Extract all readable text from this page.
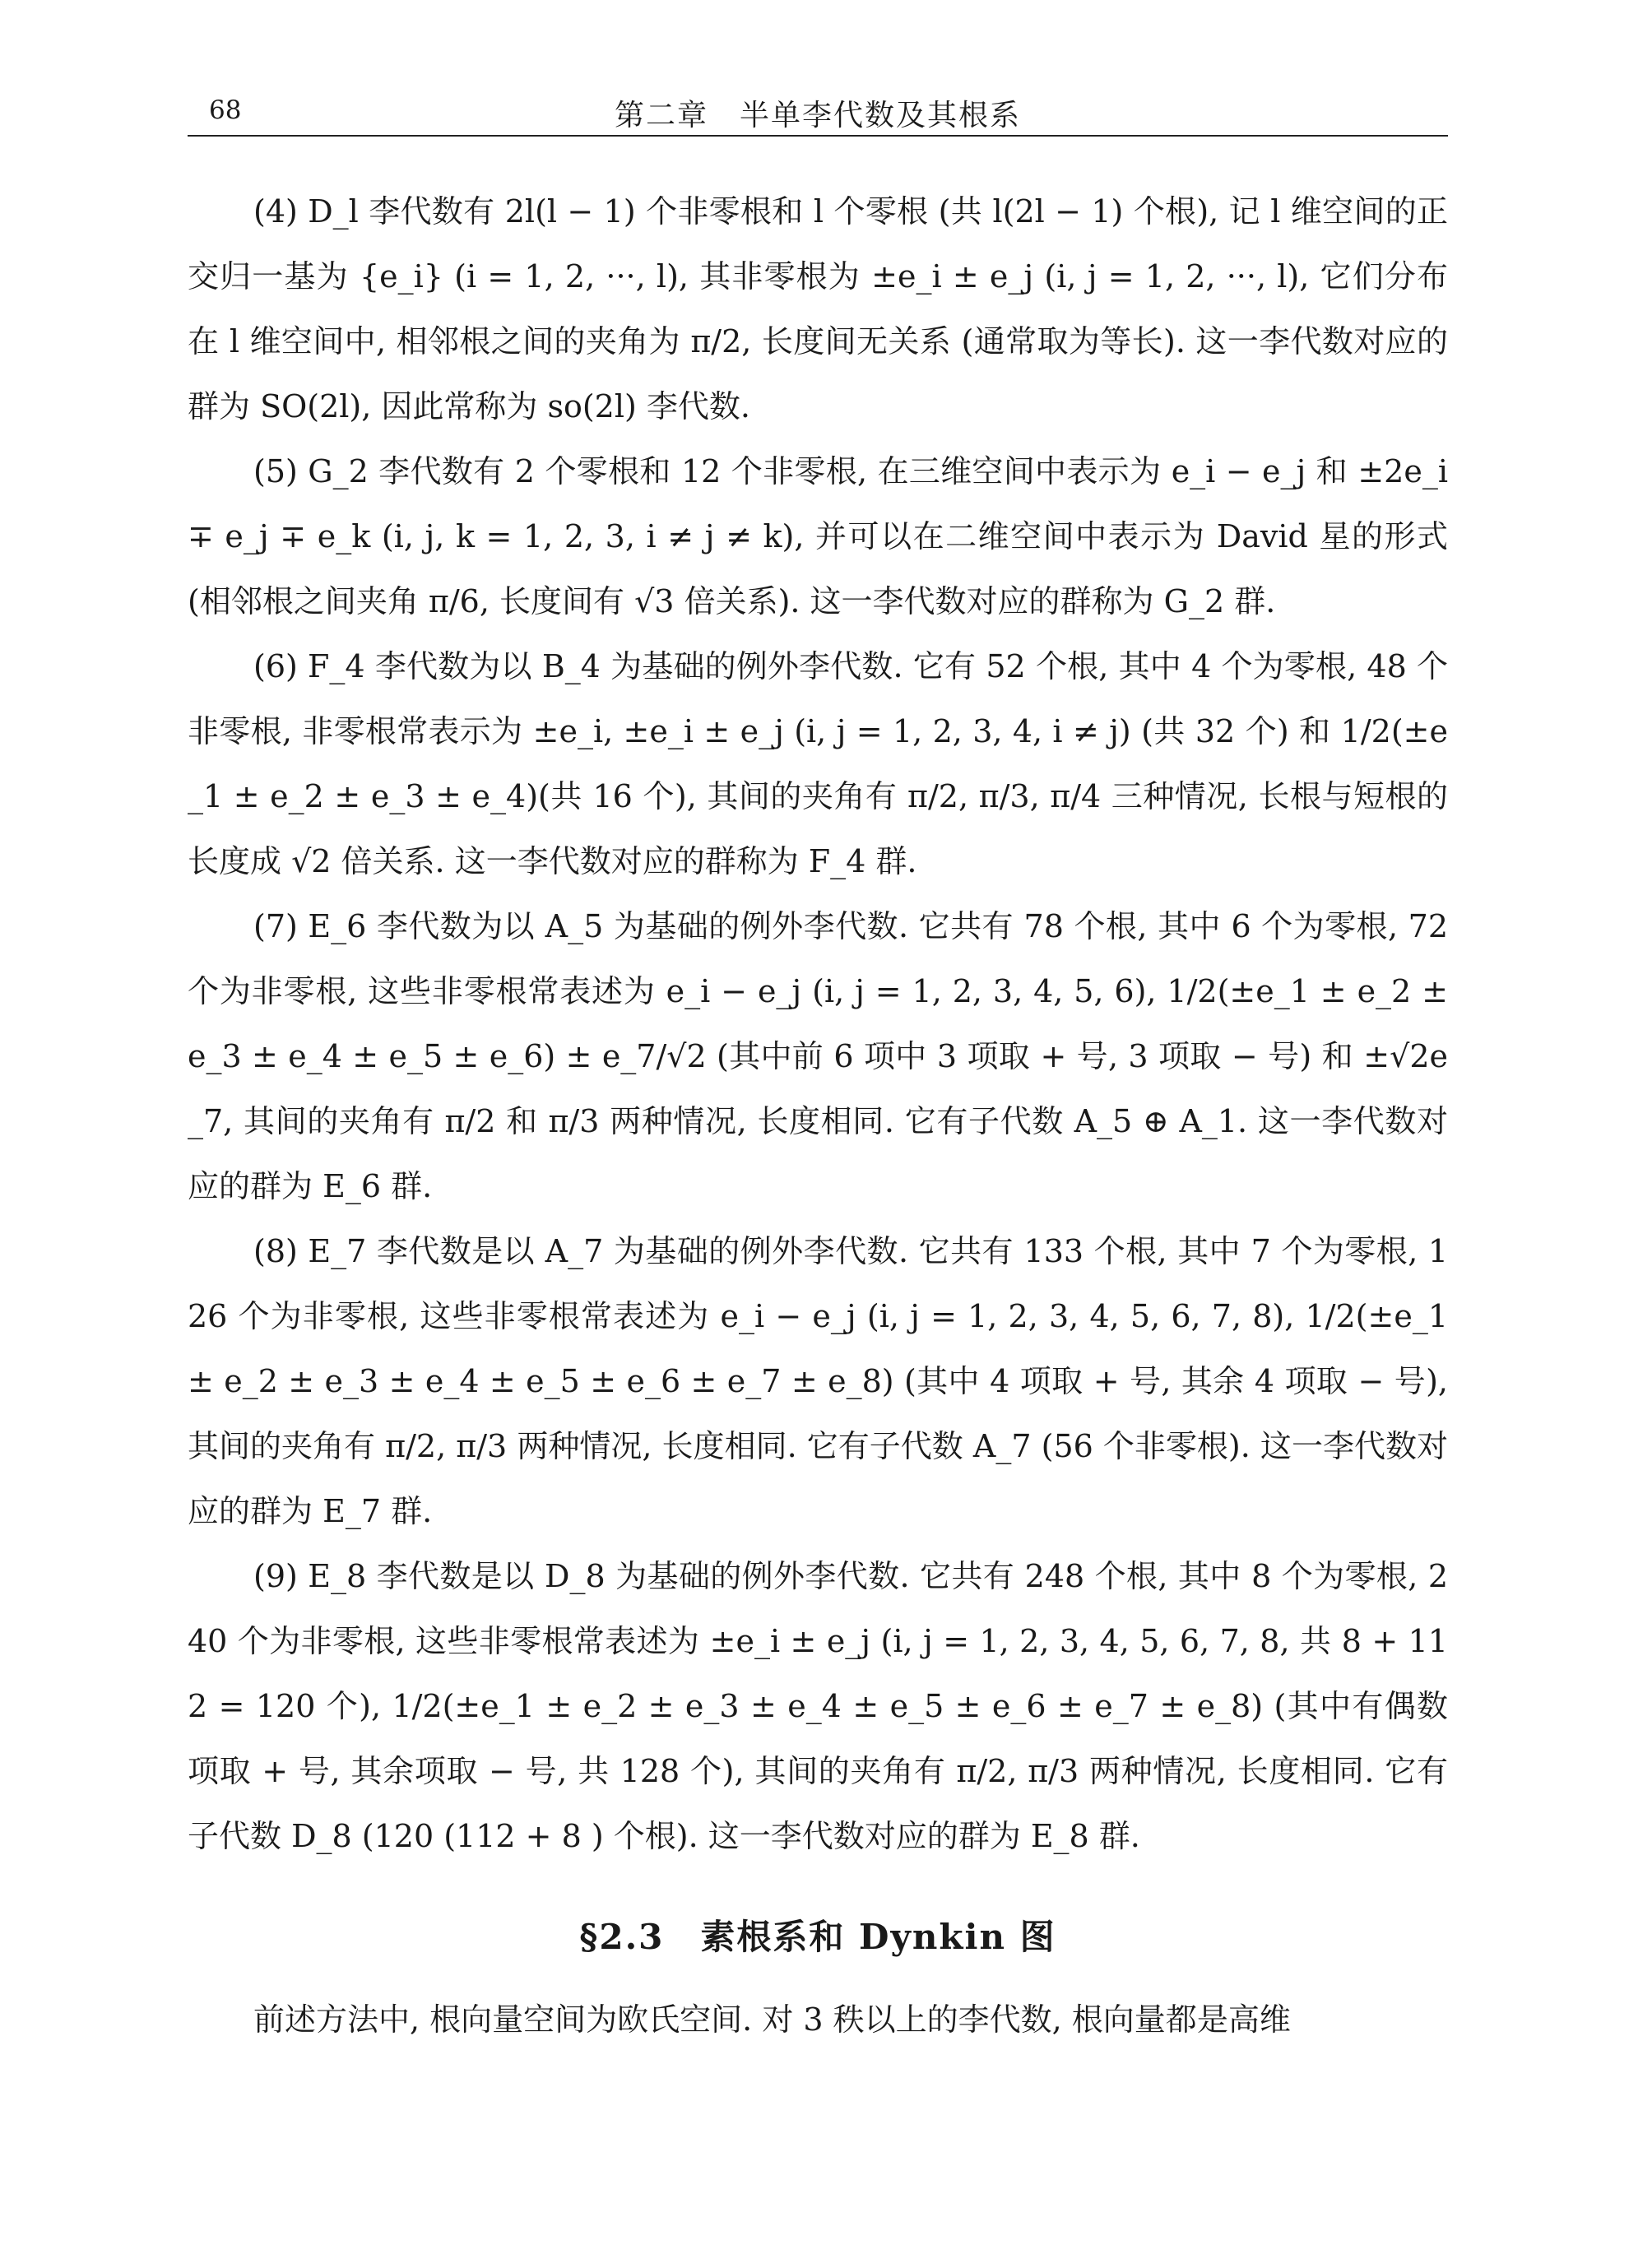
68	第二章　半单李代数及其根系

(4) D_l 李代数有 2l(l − 1) 个非零根和 l 个零根 (共 l(2l − 1) 个根), 记 l 维空间的正交归一基为 {e_i} (i = 1, 2, ···, l), 其非零根为 ±e_i ± e_j (i, j = 1, 2, ···, l), 它们分布在 l 维空间中, 相邻根之间的夹角为 π/2, 长度间无关系 (通常取为等长). 这一李代数对应的群为 SO(2l), 因此常称为 so(2l) 李代数.

(5) G_2 李代数有 2 个零根和 12 个非零根, 在三维空间中表示为 e_i − e_j 和 ±2e_i ∓ e_j ∓ e_k (i, j, k = 1, 2, 3, i ≠ j ≠ k), 并可以在二维空间中表示为 David 星的形式 (相邻根之间夹角 π/6, 长度间有 √3 倍关系). 这一李代数对应的群称为 G_2 群.

(6) F_4 李代数为以 B_4 为基础的例外李代数. 它有 52 个根, 其中 4 个为零根, 48 个非零根, 非零根常表示为 ±e_i, ±e_i ± e_j (i, j = 1, 2, 3, 4, i ≠ j) (共 32 个) 和 1/2(±e_1 ± e_2 ± e_3 ± e_4)(共 16 个), 其间的夹角有 π/2, π/3, π/4 三种情况, 长根与短根的长度成 √2 倍关系. 这一李代数对应的群称为 F_4 群.

(7) E_6 李代数为以 A_5 为基础的例外李代数. 它共有 78 个根, 其中 6 个为零根, 72 个为非零根, 这些非零根常表述为 e_i − e_j (i, j = 1, 2, 3, 4, 5, 6), 1/2(±e_1 ± e_2 ± e_3 ± e_4 ± e_5 ± e_6) ± e_7/√2 (其中前 6 项中 3 项取 + 号, 3 项取 − 号) 和 ±√2e_7, 其间的夹角有 π/2 和 π/3 两种情况, 长度相同. 它有子代数 A_5 ⊕ A_1. 这一李代数对应的群为 E_6 群.

(8) E_7 李代数是以 A_7 为基础的例外李代数. 它共有 133 个根, 其中 7 个为零根, 126 个为非零根, 这些非零根常表述为 e_i − e_j (i, j = 1, 2, 3, 4, 5, 6, 7, 8), 1/2(±e_1 ± e_2 ± e_3 ± e_4 ± e_5 ± e_6 ± e_7 ± e_8) (其中 4 项取 + 号, 其余 4 项取 − 号), 其间的夹角有 π/2, π/3 两种情况, 长度相同. 它有子代数 A_7 (56 个非零根). 这一李代数对应的群为 E_7 群.

(9) E_8 李代数是以 D_8 为基础的例外李代数. 它共有 248 个根, 其中 8 个为零根, 240 个为非零根, 这些非零根常表述为 ±e_i ± e_j (i, j = 1, 2, 3, 4, 5, 6, 7, 8, 共 8 + 112 = 120 个), 1/2(±e_1 ± e_2 ± e_3 ± e_4 ± e_5 ± e_6 ± e_7 ± e_8) (其中有偶数项取 + 号, 其余项取 − 号, 共 128 个), 其间的夹角有 π/2, π/3 两种情况, 长度相同. 它有子代数 D_8 (120 (112 + 8 ) 个根). 这一李代数对应的群为 E_8 群.

§2.3　素根系和 Dynkin 图

前述方法中, 根向量空间为欧氏空间. 对 3 秩以上的李代数, 根向量都是高维
